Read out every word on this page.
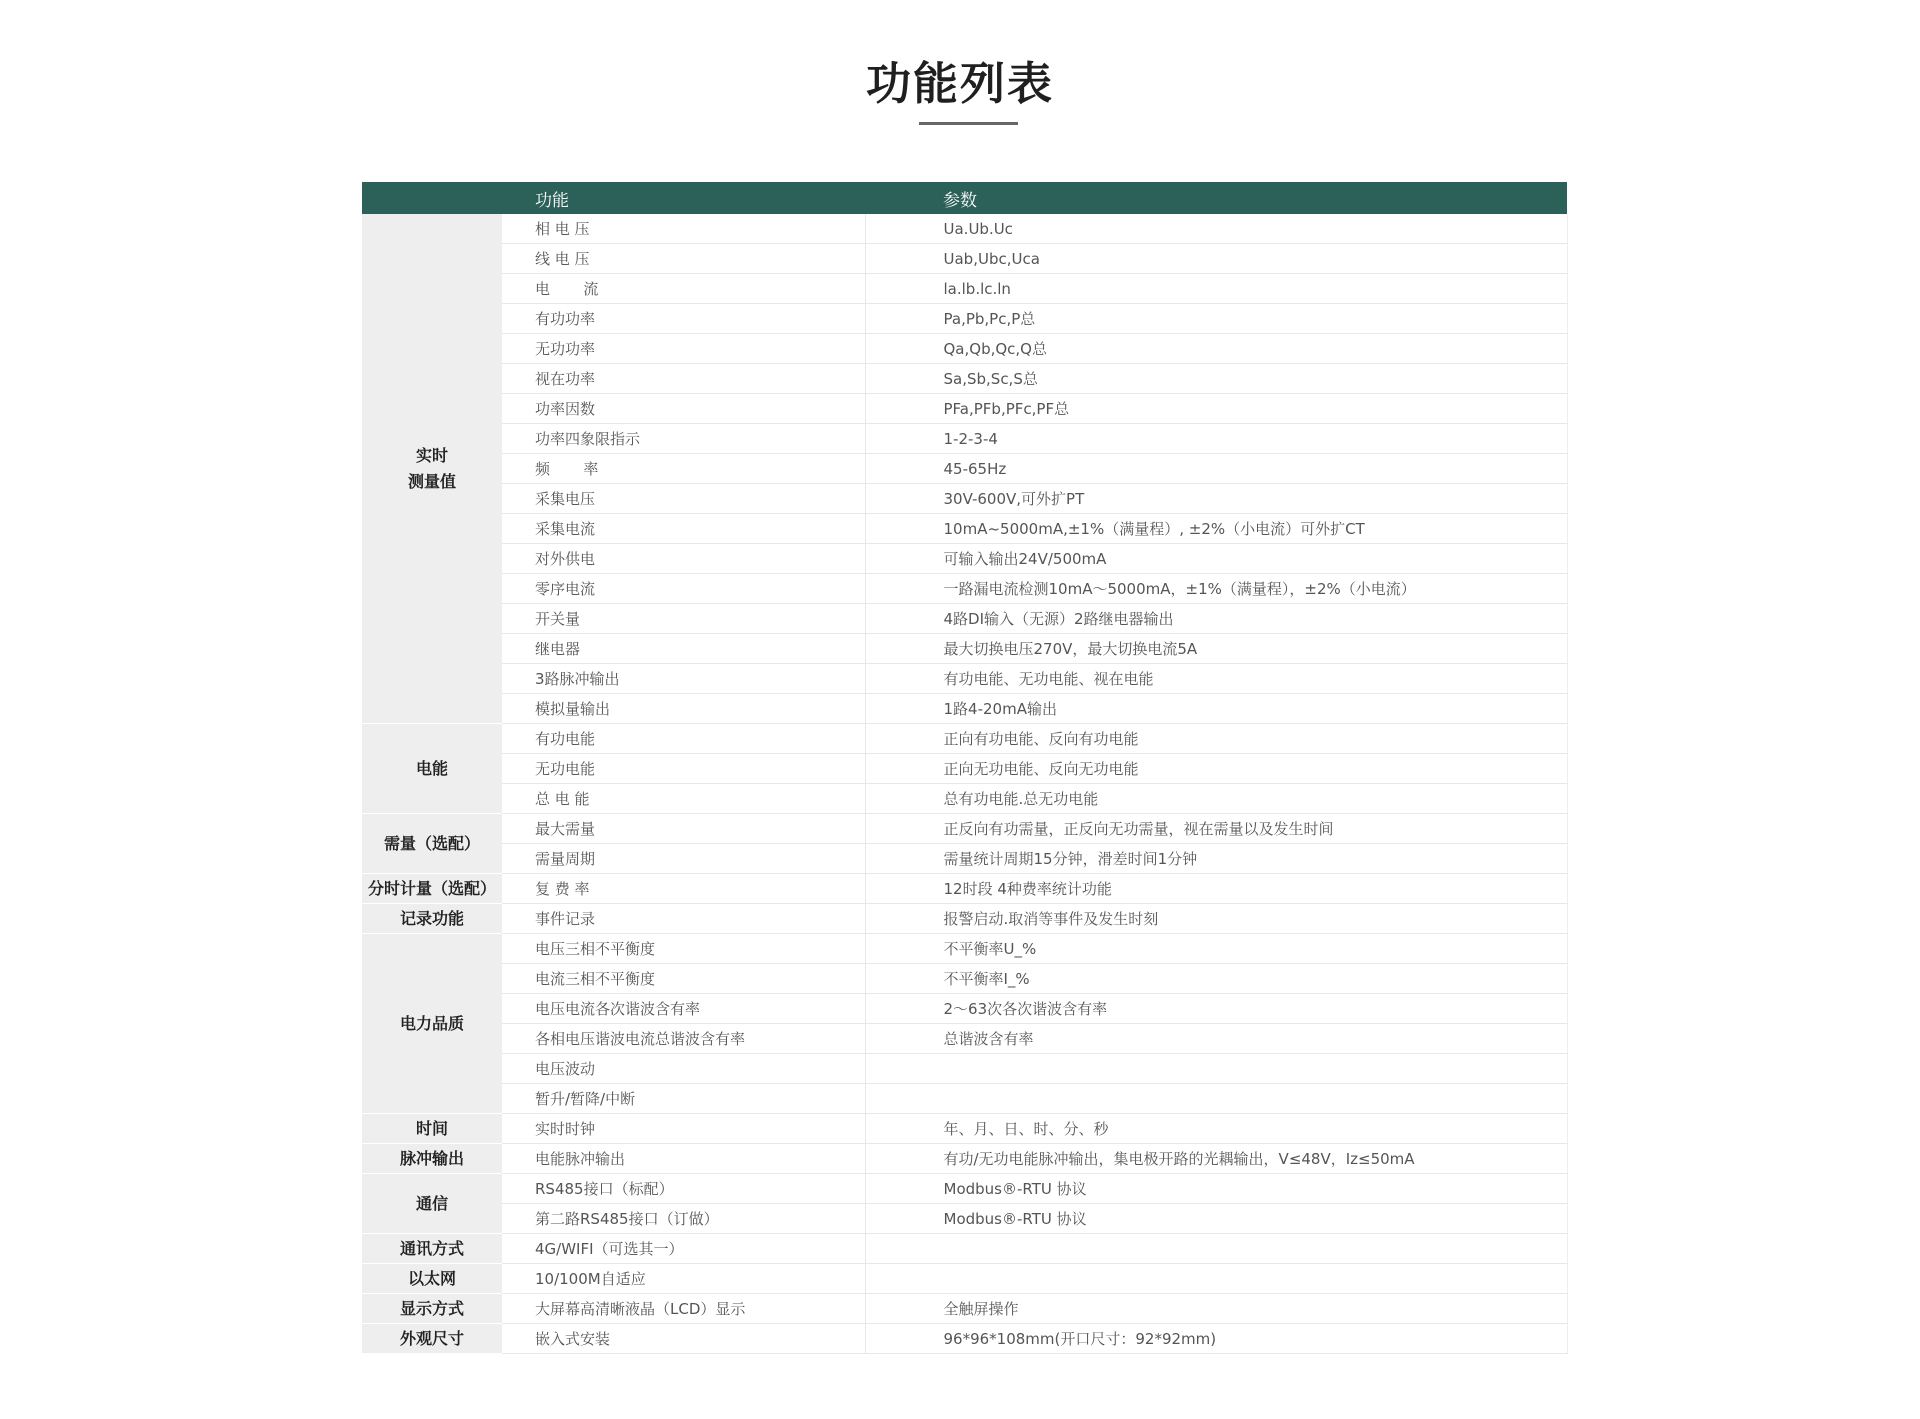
功能列表
	功能	参数
实时
测量值	相 电 压	Ua.Ub.Uc
	线 电 压	Uab,Ubc,Uca
	电       流	la.lb.lc.ln
	有功功率	Pa,Pb,Pc,P总
	无功功率	Qa,Qb,Qc,Q总
	视在功率	Sa,Sb,Sc,S总
	功率因数	PFa,PFb,PFc,PF总
	功率四象限指示	1-2-3-4
	频       率	45-65Hz
	采集电压	30V-600V,可外扩PT
	采集电流	10mA~5000mA,±1%（满量程）, ±2%（小电流）可外扩CT
	对外供电	可输入输出24V/500mA
	零序电流	一路漏电流检测10mA～5000mA，±1%（满量程），±2%（小电流）
	开关量	4路DI输入（无源）2路继电器输出
	继电器	最大切换电压270V，最大切换电流5A
	3路脉冲输出	有功电能、无功电能、视在电能
	模拟量输出	1路4-20mA输出
电能	有功电能	正向有功电能、反向有功电能
	无功电能	正向无功电能、反向无功电能
	总 电 能	总有功电能.总无功电能
需量（选配）	最大需量	正反向有功需量，正反向无功需量，视在需量以及发生时间
	需量周期	需量统计周期15分钟，滑差时间1分钟
分时计量（选配）	复 费 率	12时段 4种费率统计功能
记录功能	事件记录	报警启动.取消等事件及发生时刻
电力品质	电压三相不平衡度	不平衡率U_%
	电流三相不平衡度	不平衡率I_%
	电压电流各次谐波含有率	2～63次各次谐波含有率
	各相电压谐波电流总谐波含有率	总谐波含有率
	电压波动	
	暂升/暂降/中断	
时间	实时时钟	年、月、日、时、分、秒
脉冲输出	电能脉冲输出	有功/无功电能脉冲输出，集电极开路的光耦输出，V≤48V，Iz≤50mA
通信	RS485接口（标配）	Modbus®-RTU 协议
	第二路RS485接口（订做）	Modbus®-RTU 协议
通讯方式	4G/WIFI（可选其一）	
以太网	10/100M自适应	
显示方式	大屏幕高清晰液晶（LCD）显示	全触屏操作
外观尺寸	嵌入式安装	96*96*108mm(开口尺寸：92*92mm)
